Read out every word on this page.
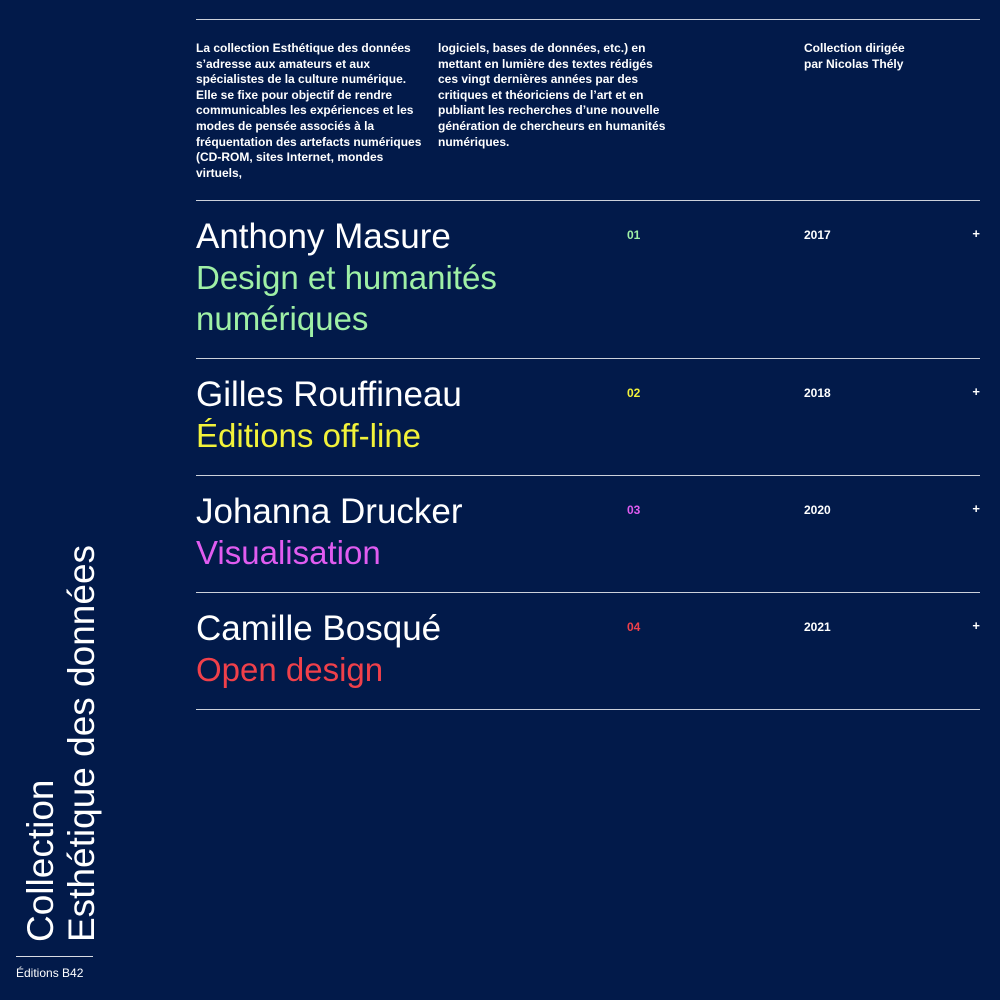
Collection Esthétique des données
Éditions B42
La collection Esthétique des données s’adresse aux amateurs et aux spécialistes de la culture numérique. Elle se fixe pour objectif de rendre communicables les expériences et les modes de pensée associés à la fréquentation des artefacts numériques (CD-ROM, sites Internet, mondes virtuels,
logiciels, bases de données, etc.) en mettant en lumière des textes rédigés ces vingt dernières années par des critiques et théoriciens de l’art et en publiant les recherches d’une nouvelle génération de chercheurs en humanités numériques.
Collection dirigée par Nicolas Thély
Anthony Masure
Design et humanités numériques
01	2017	+
Gilles Rouffineau
Éditions off-line
02	2018	+
Johanna Drucker
Visualisation
03	2020	+
Camille Bosqué
Open design
04	2021	+
